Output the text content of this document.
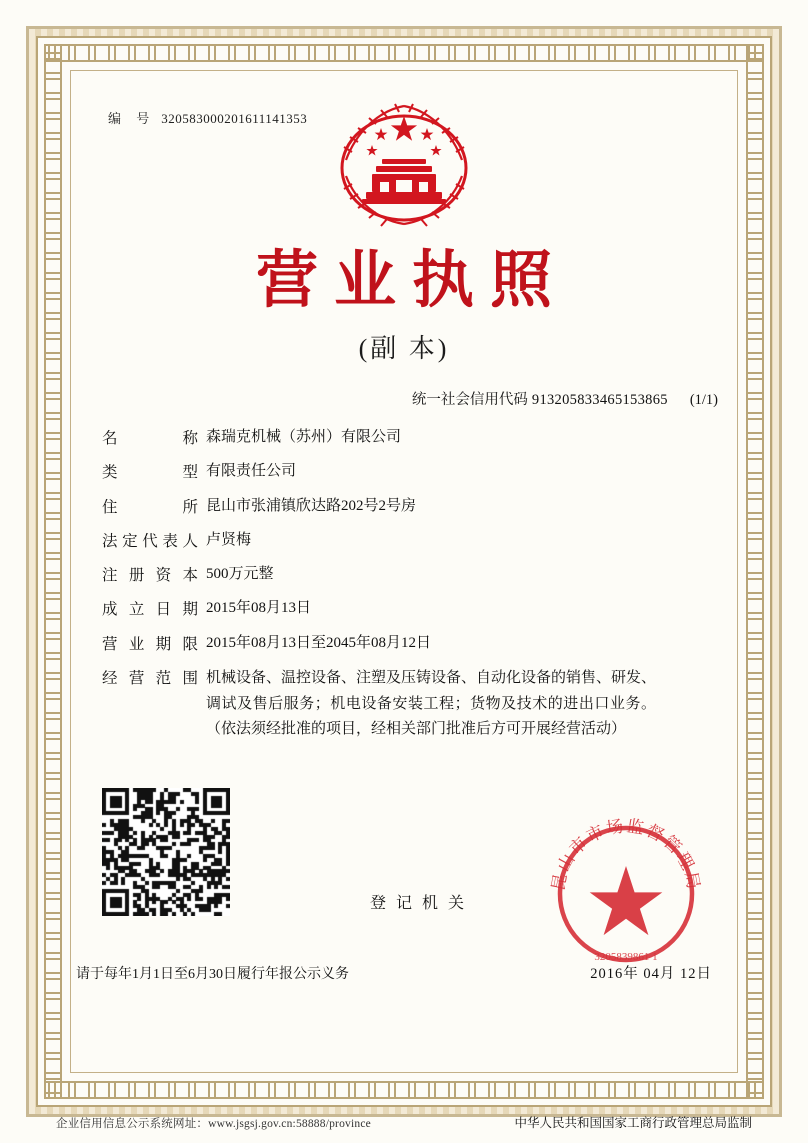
编 号 320583000201611141353
营业执照
(副 本)
统一社会信用代码 913205833465153865 (1/1)
名称 森瑞克机械（苏州）有限公司
类型 有限责任公司
住所 昆山市张浦镇欣达路202号2号房
法定代表人 卢贤梅
注册资本 500万元整
成立日期 2015年08月13日
营业期限 2015年08月13日至2045年08月12日
经营范围 机械设备、温控设备、注塑及压铸设备、自动化设备的销售、研发、调试及售后服务；机电设备安装工程；货物及技术的进出口业务。（依法须经批准的项目，经相关部门批准后方可开展经营活动）
登 记 机 关
昆山市市场监督管理局
3205839861 1
请于每年1月1日至6月30日履行年报公示义务	2016年 04月 12日
企业信用信息公示系统网址：www.jsgsj.gov.cn:58888/province	中华人民共和国国家工商行政管理总局监制
